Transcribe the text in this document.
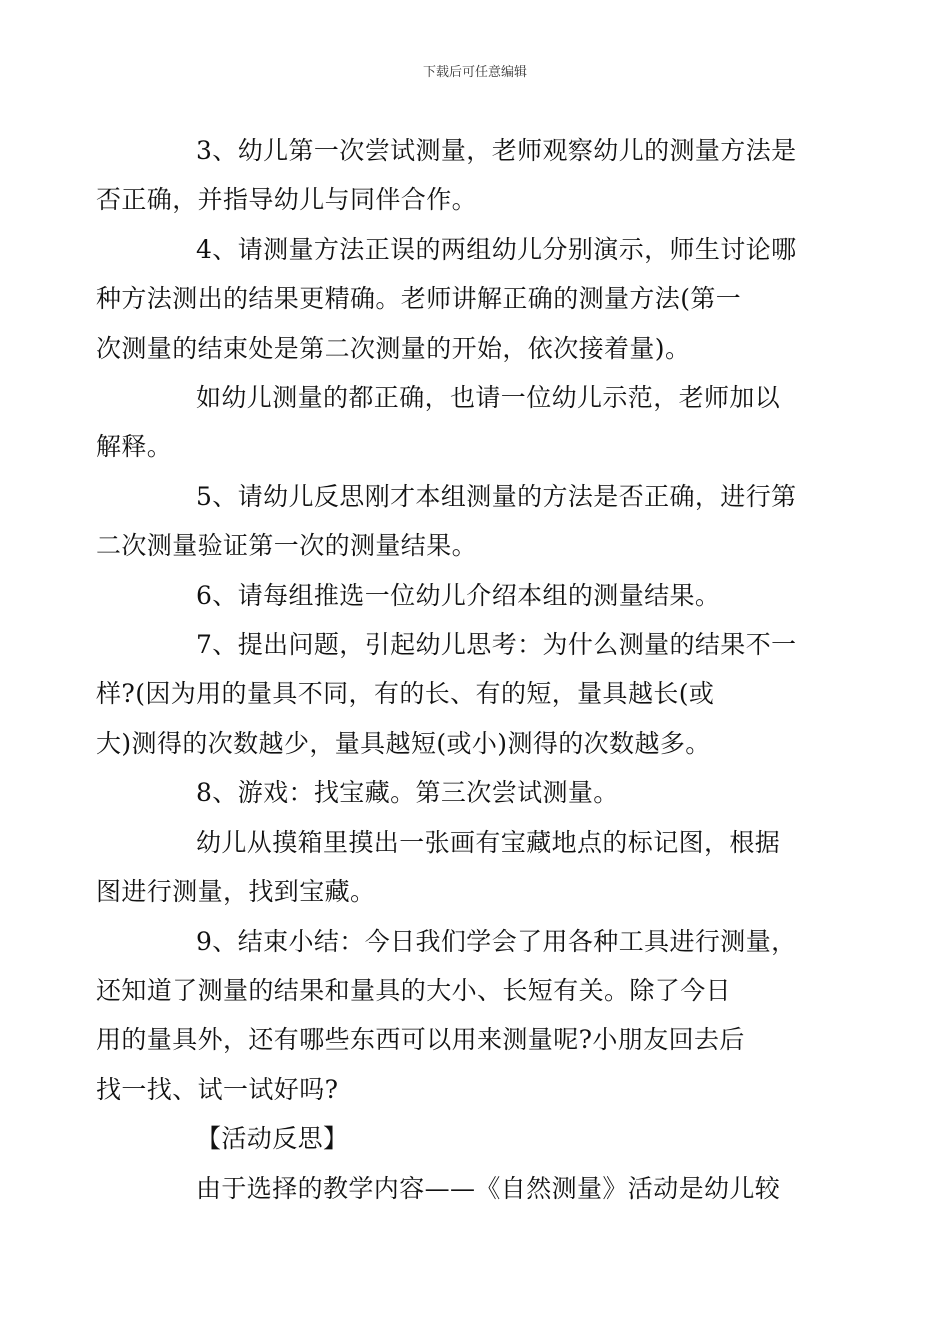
下载后可任意编辑

3、幼儿第一次尝试测量，老师观察幼儿的测量方法是
否正确，并指导幼儿与同伴合作。

4、请测量方法正误的两组幼儿分别演示，师生讨论哪
种方法测出的结果更精确。老师讲解正确的测量方法(第一
次测量的结束处是第二次测量的开始，依次接着量)。

如幼儿测量的都正确，也请一位幼儿示范，老师加以
解释。

5、请幼儿反思刚才本组测量的方法是否正确，进行第
二次测量验证第一次的测量结果。

6、请每组推选一位幼儿介绍本组的测量结果。

7、提出问题，引起幼儿思考：为什么测量的结果不一
样?(因为用的量具不同，有的长、有的短，量具越长(或
大)测得的次数越少，量具越短(或小)测得的次数越多。

8、游戏：找宝藏。第三次尝试测量。

幼儿从摸箱里摸出一张画有宝藏地点的标记图，根据
图进行测量，找到宝藏。

9、结束小结：今日我们学会了用各种工具进行测量，
还知道了测量的结果和量具的大小、长短有关。除了今日
用的量具外，还有哪些东西可以用来测量呢?小朋友回去后
找一找、试一试好吗?

【活动反思】

由于选择的教学内容——《自然测量》活动是幼儿较
